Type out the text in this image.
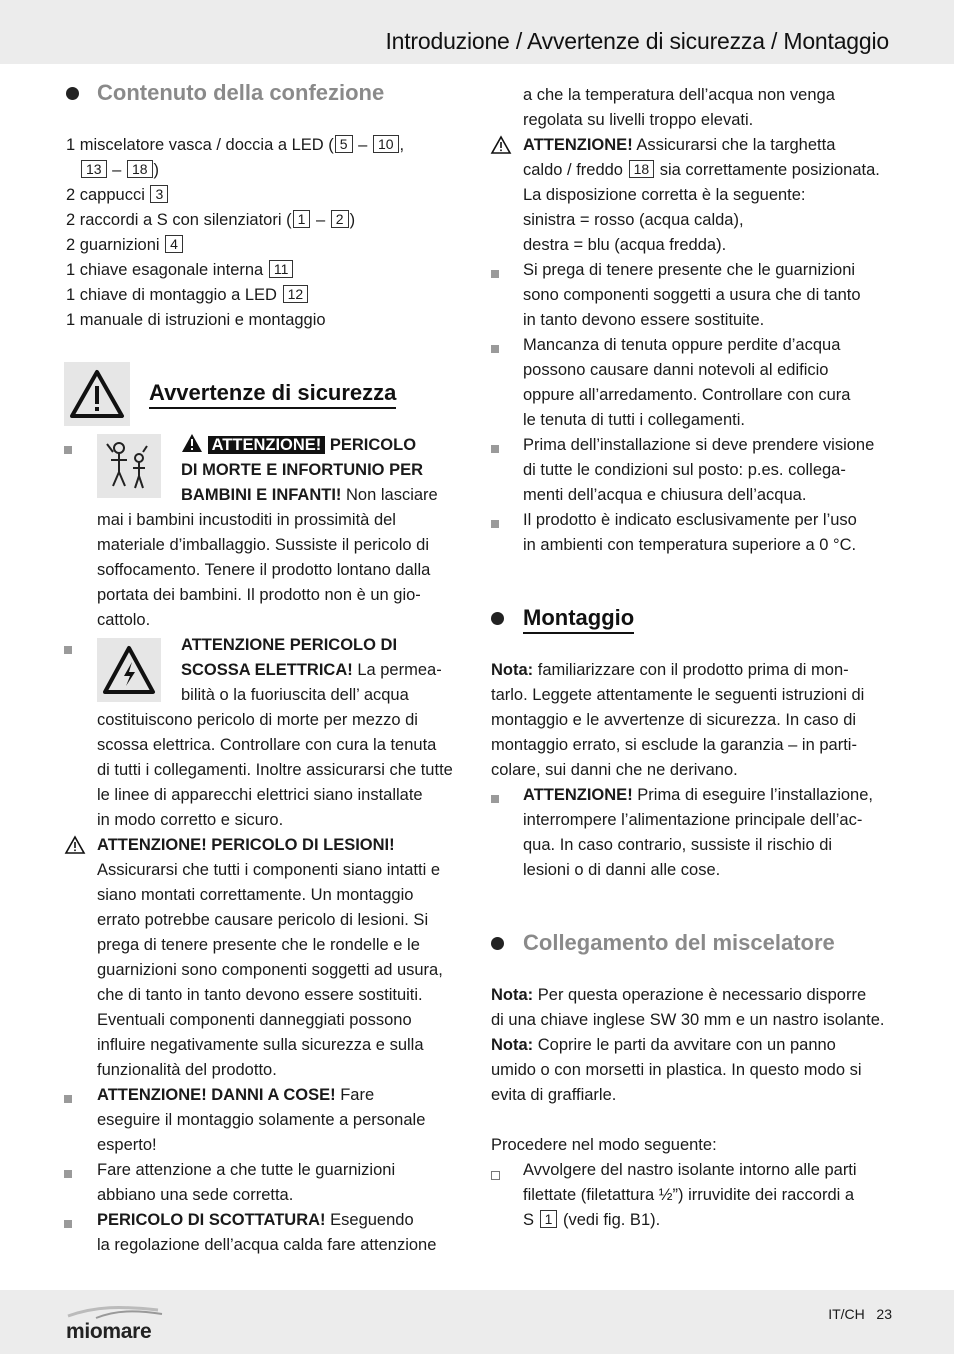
Introduzione / Avvertenze di sicurezza / Montaggio
Contenuto della confezione
1 miscelatore vasca / doccia a LED ( 5 – 10 ,
13 – 18 )
2 cappucci 3
2 raccordi a S con silenziatori ( 1 – 2 )
2 guarnizioni 4
1 chiave esagonale interna 11
1 chiave di montaggio a LED 12
1 manuale di istruzioni e montaggio
Avvertenze di sicurezza
ATTENZIONE! PERICOLO
DI MORTE E INFORTUNIO PER
BAMBINI E INFANTI! Non lasciare
mai i bambini incustoditi in prossimità del
materiale d’imballaggio. Sussiste il pericolo di
soffocamento. Tenere il prodotto lontano dalla
portata dei bambini. Il prodotto non è un gio-
cattolo.
ATTENZIONE PERICOLO DI
SCOSSA ELETTRICA! La permea-
bilità o la fuoriuscita dell’ acqua
costituiscono pericolo di morte per mezzo di
scossa elettrica. Controllare con cura la tenuta
di tutti i collegamenti. Inoltre assicurarsi che tutte
le linee di apparecchi elettrici siano installate
in modo corretto e sicuro.
ATTENZIONE! PERICOLO DI LESIONI!
Assicurarsi che tutti i componenti siano intatti e
siano montati correttamente. Un montaggio
errato potrebbe causare pericolo di lesioni. Si
prega di tenere presente che le rondelle e le
guarnizioni sono componenti soggetti ad usura,
che di tanto in tanto devono essere sostituiti.
Eventuali componenti danneggiati possono
influire negativamente sulla sicurezza e sulla
funzionalità del prodotto.
ATTENZIONE! DANNI A COSE! Fare
eseguire il montaggio solamente a personale
esperto!
Fare attenzione a che tutte le guarnizioni
abbiano una sede corretta.
PERICOLO DI SCOTTATURA! Eseguendo
la regolazione dell’acqua calda fare attenzione
a che la temperatura dell’acqua non venga
regolata su livelli troppo elevati.
ATTENZIONE! Assicurarsi che la targhetta
caldo / freddo 18 sia correttamente posizionata.
La disposizione corretta è la seguente:
sinistra = rosso (acqua calda),
destra = blu (acqua fredda).
Si prega di tenere presente che le guarnizioni
sono componenti soggetti a usura che di tanto
in tanto devono essere sostituite.
Mancanza di tenuta oppure perdite d’acqua
possono causare danni notevoli al edificio
oppure all’arredamento. Controllare con cura
le tenuta di tutti i collegamenti.
Prima dell’installazione si deve prendere visione
di tutte le condizioni sul posto: p.es. collega-
menti dell’acqua e chiusura dell’acqua.
Il prodotto è indicato esclusivamente per l’uso
in ambienti con temperatura superiore a 0 °C.
Montaggio
Nota: familiarizzare con il prodotto prima di mon-
tarlo. Leggete attentamente le seguenti istruzioni di
montaggio e le avvertenze di sicurezza. In caso di
montaggio errato, si esclude la garanzia – in parti-
colare, sui danni che ne derivano.
ATTENZIONE! Prima di eseguire l’installazione,
interrompere l’alimentazione principale dell’ac-
qua. In caso contrario, sussiste il rischio di
lesioni o di danni alle cose.
Collegamento del miscelatore
Nota: Per questa operazione è necessario disporre
di una chiave inglese SW 30 mm e un nastro isolante.
Nota: Coprire le parti da avvitare con un panno
umido o con morsetti in plastica. In questo modo si
evita di graffiarle.

Procedere nel modo seguente:
Avvolgere del nastro isolante intorno alle parti
filettate (filetattura ½”) irruvidite dei raccordi a
S 1 (vedi fig. B1).
miomare
IT/CH 23
